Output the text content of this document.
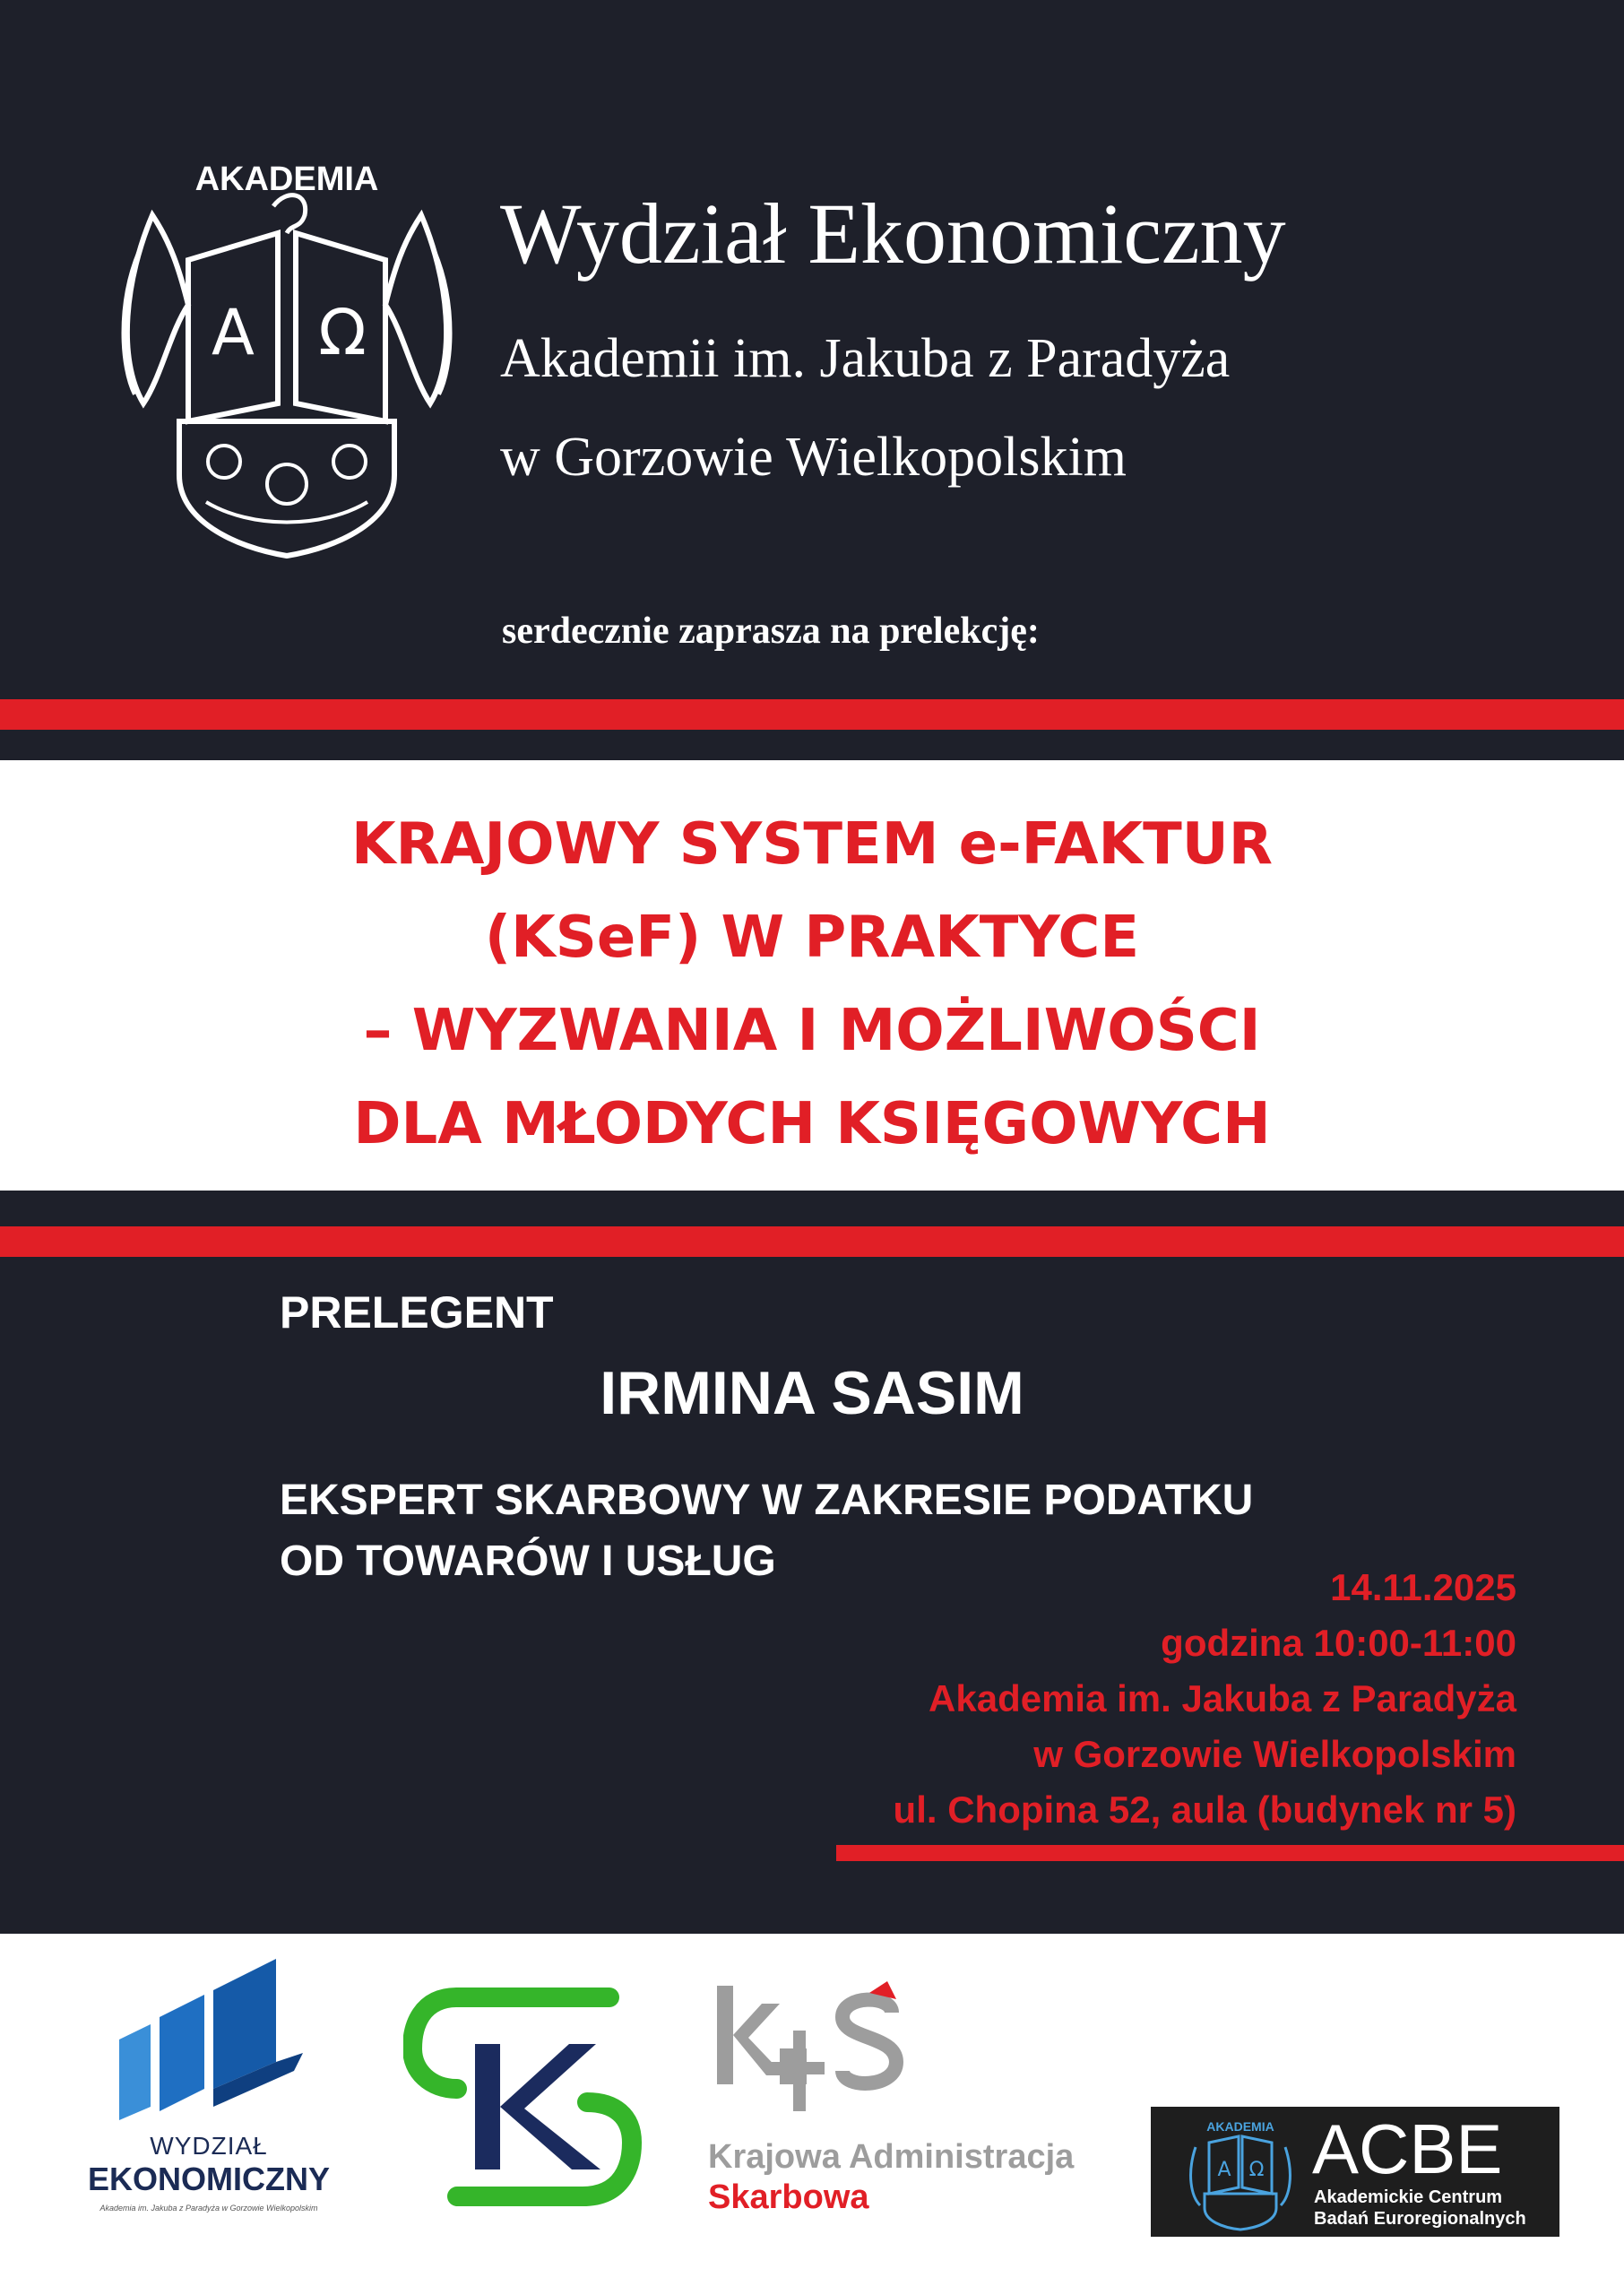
AKADEMIA
A Ω
Wydział Ekonomiczny
Akademii im. Jakuba z Paradyża
w Gorzowie Wielkopolskim
serdecznie zaprasza na prelekcję:
KRAJOWY SYSTEM e-FAKTUR
(KSeF) W PRAKTYCE
– WYZWANIA I MOŻLIWOŚCI
DLA MŁODYCH KSIĘGOWYCH
PRELEGENT
IRMINA SASIM
EKSPERT SKARBOWY W ZAKRESIE PODATKU
OD TOWARÓW I USŁUG
14.11.2025
godzina 10:00-11:00
Akademia im. Jakuba z Paradyża
w Gorzowie Wielkopolskim
ul. Chopina 52, aula (budynek nr 5)
WYDZIAŁ
EKONOMICZNY
Akademia im. Jakuba z Paradyża w Gorzowie Wielkopolskim
Krajowa Administracja
Skarbowa
AKADEMIA
A Ω ACBE
Akademickie Centrum
Badań Euroregionalnych
